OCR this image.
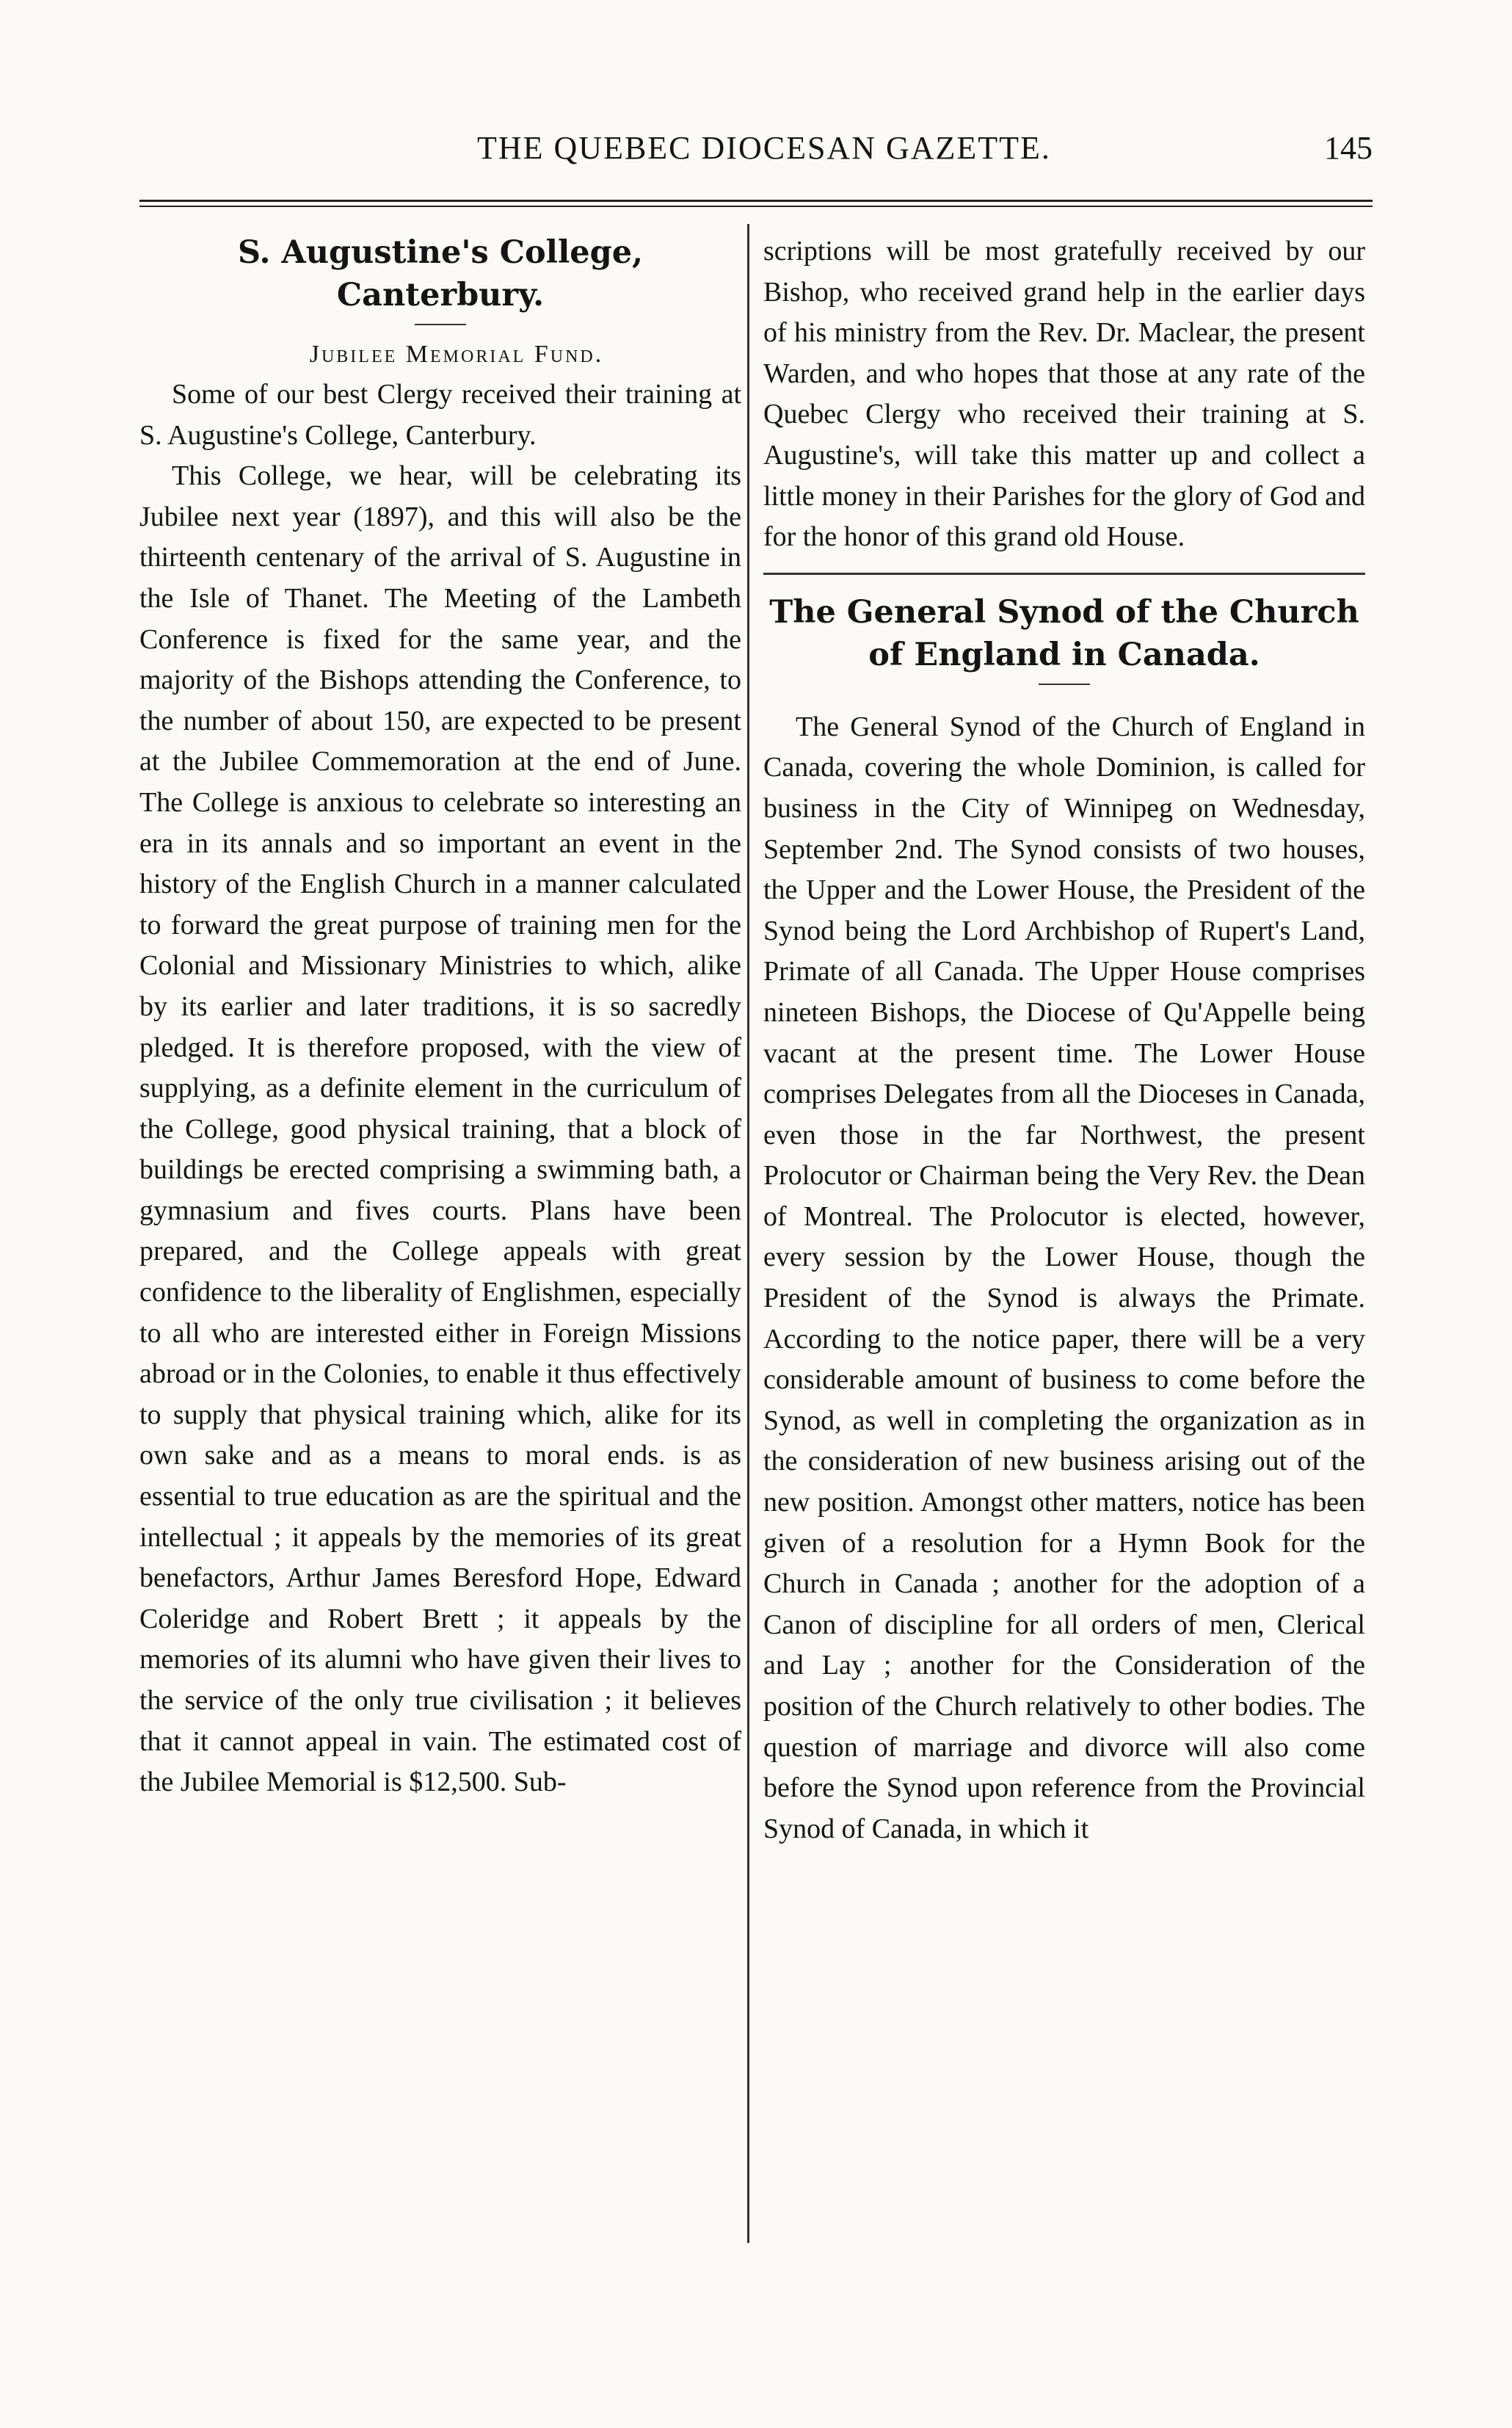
THE QUEBEC DIOCESAN GAZETTE.	145
S. Augustine's College, Canterbury.

Jubilee Memorial Fund.

Some of our best Clergy received their training at S. Augustine's College, Canterbury.

This College, we hear, will be celebrating its Jubilee next year (1897), and this will also be the thirteenth centenary of the arrival of S. Augustine in the Isle of Thanet. The Meeting of the Lambeth Conference is fixed for the same year, and the majority of the Bishops attending the Conference, to the number of about 150, are expected to be present at the Jubilee Commemoration at the end of June. The College is anxious to celebrate so interesting an era in its annals and so important an event in the history of the English Church in a manner calculated to forward the great purpose of training men for the Colonial and Missionary Ministries to which, alike by its earlier and later traditions, it is so sacredly pledged. It is therefore proposed, with the view of supplying, as a definite element in the curriculum of the College, good physical training, that a block of buildings be erected comprising a swimming bath, a gymnasium and fives courts. Plans have been prepared, and the College appeals with great confidence to the liberality of Englishmen, especially to all who are interested either in Foreign Missions abroad or in the Colonies, to enable it thus effectively to supply that physical training which, alike for its own sake and as a means to moral ends. is as essential to true education as are the spiritual and the intellectual ; it appeals by the memories of its great benefactors, Arthur James Beresford Hope, Edward Coleridge and Robert Brett ; it appeals by the memories of its alumni who have given their lives to the service of the only true civilisation ; it believes that it cannot appeal in vain. The estimated cost of the Jubilee Memorial is $12,500. Sub-

scriptions will be most gratefully received by our Bishop, who received grand help in the earlier days of his ministry from the Rev. Dr. Maclear, the present Warden, and who hopes that those at any rate of the Quebec Clergy who received their training at S. Augustine's, will take this matter up and collect a little money in their Parishes for the glory of God and for the honor of this grand old House.

The General Synod of the Church of England in Canada.

The General Synod of the Church of England in Canada, covering the whole Dominion, is called for business in the City of Winnipeg on Wednesday, September 2nd. The Synod consists of two houses, the Upper and the Lower House, the President of the Synod being the Lord Archbishop of Rupert's Land, Primate of all Canada. The Upper House comprises nineteen Bishops, the Diocese of Qu'Appelle being vacant at the present time. The Lower House comprises Delegates from all the Dioceses in Canada, even those in the far Northwest, the present Prolocutor or Chairman being the Very Rev. the Dean of Montreal. The Prolocutor is elected, however, every session by the Lower House, though the President of the Synod is always the Primate. According to the notice paper, there will be a very considerable amount of business to come before the Synod, as well in completing the organization as in the consideration of new business arising out of the new position. Amongst other matters, notice has been given of a resolution for a Hymn Book for the Church in Canada ; another for the adoption of a Canon of discipline for all orders of men, Clerical and Lay ; another for the Consideration of the position of the Church relatively to other bodies. The question of marriage and divorce will also come before the Synod upon reference from the Provincial Synod of Canada, in which it
